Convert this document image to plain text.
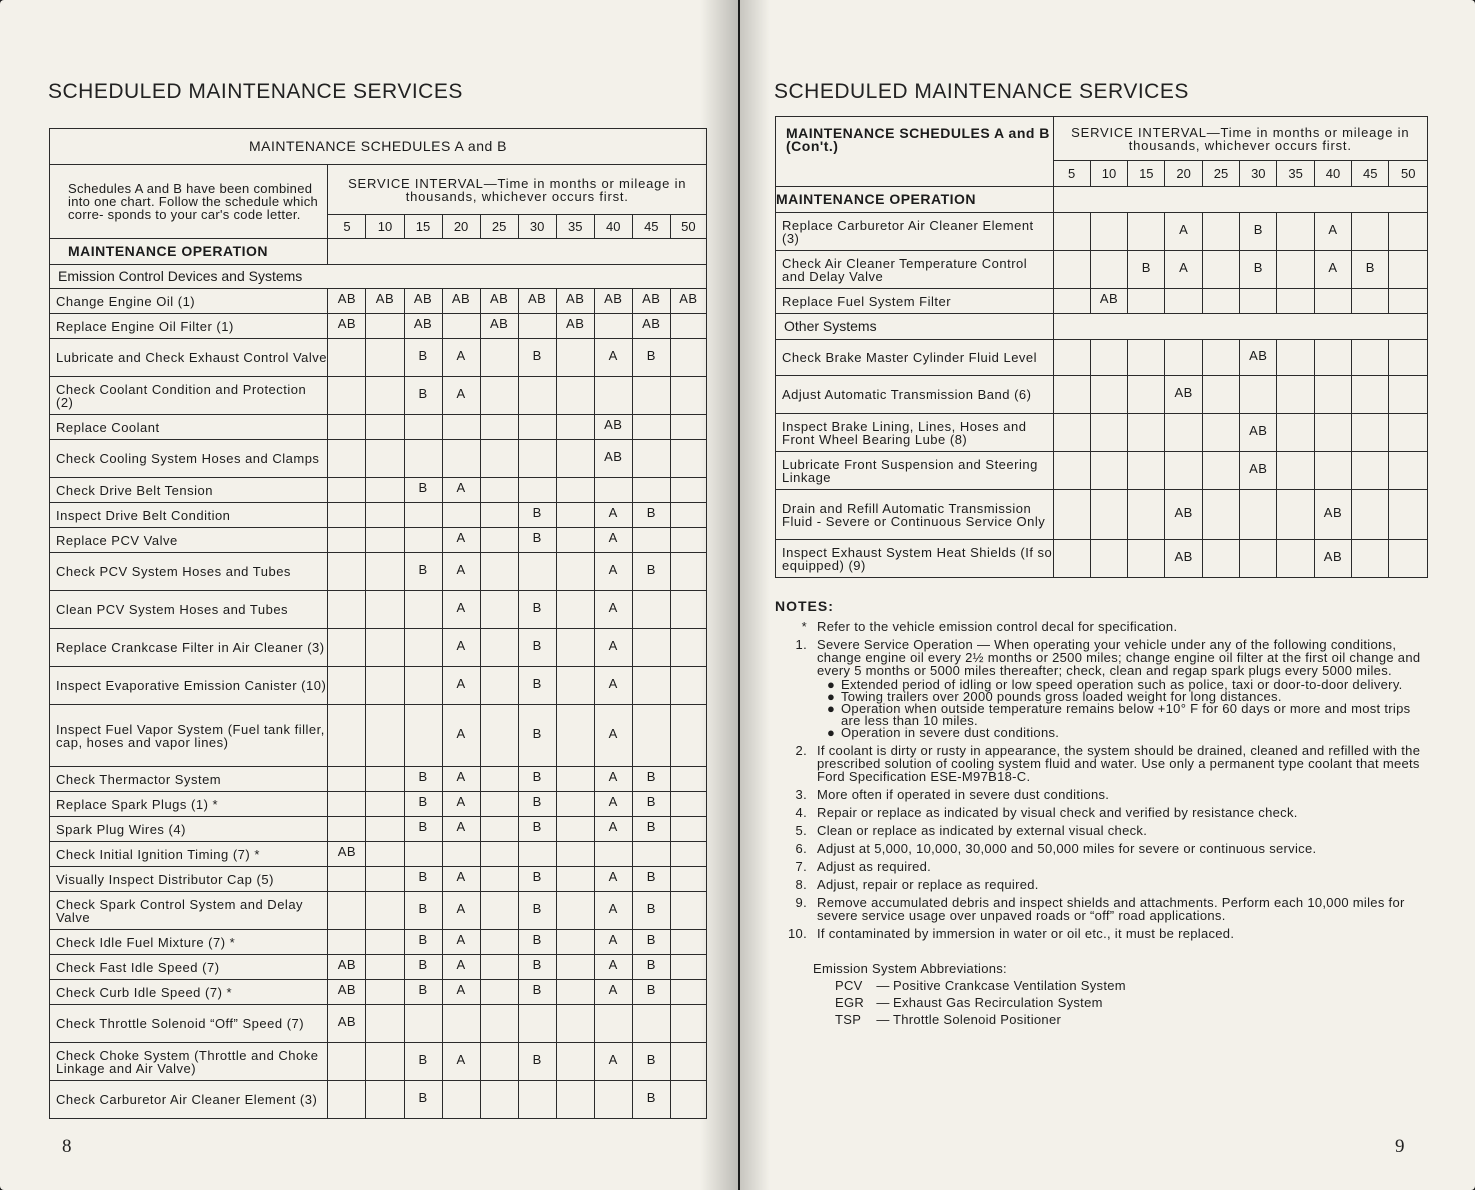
SCHEDULED MAINTENANCE SERVICES
MAINTENANCE SCHEDULES A and B										
Schedules A and B have been combined into one chart. Follow the schedule which corre- sponds to your car's code letter.	SERVICE INTERVAL—Time in months or mileage in thousands, whichever occurs first.									
	5	10	15	20	25	30	35	40	45	50
MAINTENANCE OPERATION										
Emission Control Devices and Systems										
Change Engine Oil (1)	AB	AB	AB	AB	AB	AB	AB	AB	AB	AB
Replace Engine Oil Filter (1)	AB		AB		AB		AB		AB	
Lubricate and Check Exhaust Control Valve			B	A		B		A	B	
Check Coolant Condition and Protection (2)			B	A						
Replace Coolant								AB		
Check Cooling System Hoses and Clamps								AB		
Check Drive Belt Tension			B	A						
Inspect Drive Belt Condition						B		A	B	
Replace PCV Valve				A		B		A		
Check PCV System Hoses and Tubes			B	A				A	B	
Clean PCV System Hoses and Tubes				A		B		A		
Replace Crankcase Filter in Air Cleaner (3)				A		B		A		
Inspect Evaporative Emission Canister (10)				A		B		A		
Inspect Fuel Vapor System (Fuel tank filler, cap, hoses and vapor lines)				A		B		A		
Check Thermactor System			B	A		B		A	B	
Replace Spark Plugs (1) *			B	A		B		A	B	
Spark Plug Wires (4)			B	A		B		A	B	
Check Initial Ignition Timing (7) *	AB									
Visually Inspect Distributor Cap (5)			B	A		B		A	B	
Check Spark Control System and Delay Valve			B	A		B		A	B	
Check Idle Fuel Mixture (7) *			B	A		B		A	B	
Check Fast Idle Speed (7)	AB		B	A		B		A	B	
Check Curb Idle Speed (7) *	AB		B	A		B		A	B	
Check Throttle Solenoid “Off” Speed (7)	AB									
Check Choke System (Throttle and Choke Linkage and Air Valve)			B	A		B		A	B	
Check Carburetor Air Cleaner Element (3)			B						B	
8
SCHEDULED MAINTENANCE SERVICES
MAINTENANCE SCHEDULES A and B (Con't.)	SERVICE INTERVAL—Time in months or mileage in thousands, whichever occurs first.									
	5	10	15	20	25	30	35	40	45	50
MAINTENANCE OPERATION										
Replace Carburetor Air Cleaner Element (3)				A		B		A		
Check Air Cleaner Temperature Control and Delay Valve			B	A		B		A	B	
Replace Fuel System Filter		AB								
Other Systems										
Check Brake Master Cylinder Fluid Level						AB				
Adjust Automatic Transmission Band (6)				AB						
Inspect Brake Lining, Lines, Hoses and Front Wheel Bearing Lube (8)						AB				
Lubricate Front Suspension and Steering Linkage						AB				
Drain and Refill Automatic Transmission Fluid - Severe or Continuous Service Only				AB				AB		
Inspect Exhaust System Heat Shields (If so equipped) (9)				AB				AB		
9
NOTES:
* Refer to the vehicle emission control decal for specification.
1. Severe Service Operation — When operating your vehicle under any of the following conditions, change engine oil every 2½ months or 2500 miles; change engine oil filter at the first oil change and every 5 months or 5000 miles thereafter; check, clean and regap spark plugs every 5000 miles.
● Extended period of idling or low speed operation such as police, taxi or door-to-door delivery.
● Towing trailers over 2000 pounds gross loaded weight for long distances.
● Operation when outside temperature remains below +10° F for 60 days or more and most trips are less than 10 miles.
● Operation in severe dust conditions.
2. If coolant is dirty or rusty in appearance, the system should be drained, cleaned and refilled with the prescribed solution of cooling system fluid and water. Use only a permanent type coolant that meets Ford Specification ESE-M97B18-C.
3. More often if operated in severe dust conditions.
4. Repair or replace as indicated by visual check and verified by resistance check.
5. Clean or replace as indicated by external visual check.
6. Adjust at 5,000, 10,000, 30,000 and 50,000 miles for severe or continuous service.
7. Adjust as required.
8. Adjust, repair or replace as required.
9. Remove accumulated debris and inspect shields and attachments. Perform each 10,000 miles for severe service usage over unpaved roads or “off” road applications.
10. If contaminated by immersion in water or oil etc., it must be replaced.
Emission System Abbreviations:
PCV	— Positive Crankcase Ventilation System
EGR — Exhaust Gas Recirculation System
TSP	— Throttle Solenoid Positioner
